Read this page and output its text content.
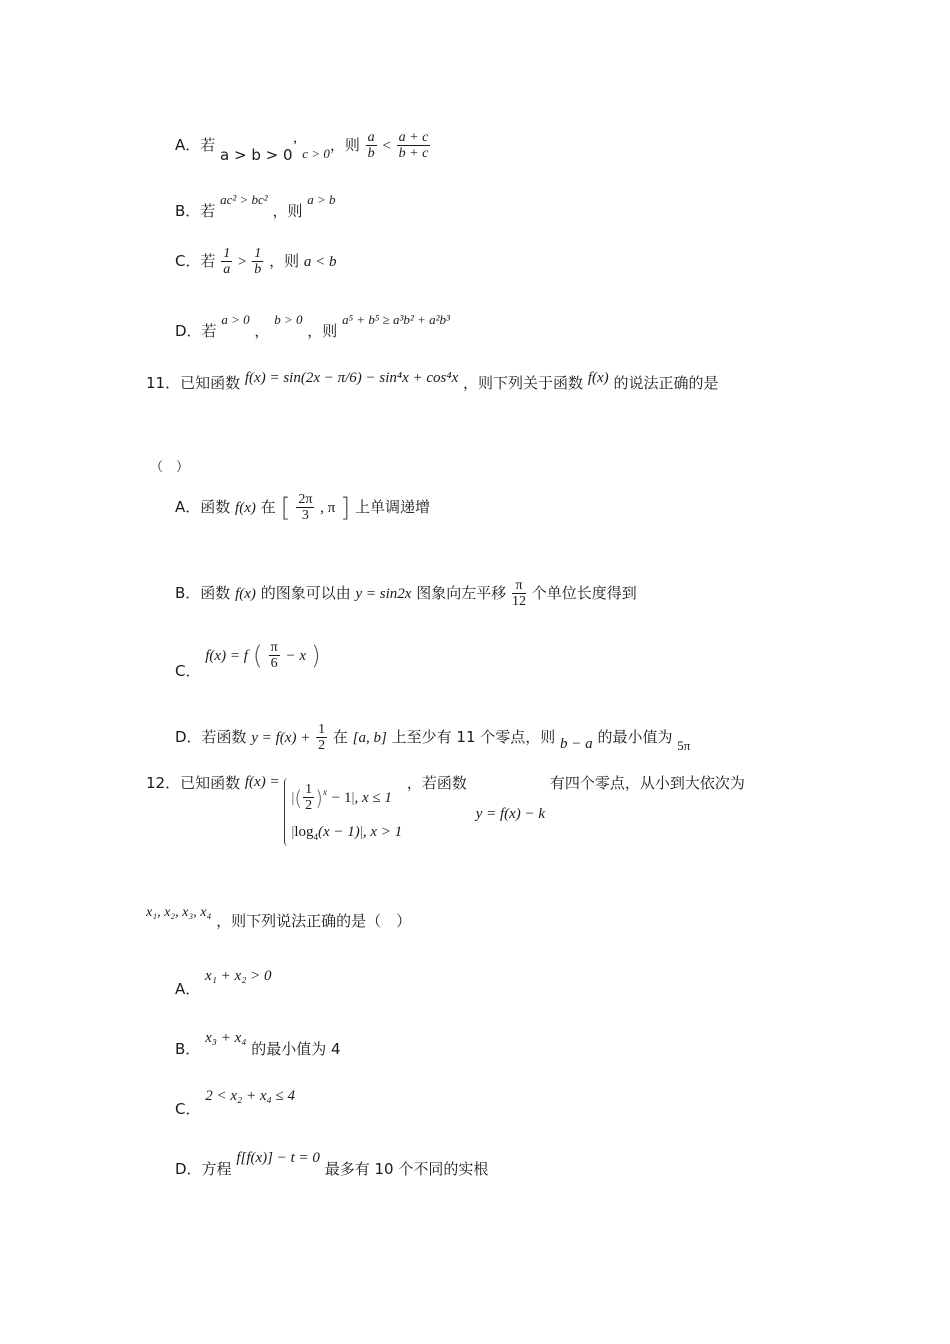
A．若 a > b > 0’ c > 0，则 $\frac{a}{b} < \frac{a + c}{b + c}$
B．若 ac² > bc² ，则 a > b
C．若 $\frac{1}{a} > \frac{1}{b}$ ，则 a < b
D．若 a > 0 ， b > 0 ，则 a⁵ + b⁵ ≥ a³b² + a²b³
11．已知函数 f(x) = sin(2x − π/6) − sin⁴x + cos⁴x ，则下列关于函数 f(x) 的说法正确的是
（　）
A．函数 f(x) 在 [ $\frac{2\pi}{3}$ , π ] 上单调递增
B．函数 f(x) 的图象可以由 y = sin2x 图象向左平移 $\frac{\pi}{12}$ 个单位长度得到
C． f(x) = f ( $\frac{\pi}{6} - x$ )
D．若函数 $y = f(x) + \frac{1}{2}$ 在 [a, b] 上至少有 11 个零点，则 b − a 的最小值为 5π
12．已知函数 f(x) =
|( $\frac{1}{2} )^x - 1|$, x ≤ 1
$|\log_4(x - 1)|$, x > 1
，若函数 y = f(x) − k 有四个零点，从小到大依次为
x₁, x₂, x₃, x₄ ，则下列说法正确的是（　）
A． x₁ + x₂ > 0
B． x₃ + x₄ 的最小值为 4
C． 2 < x₂ + x₄ ≤ 4
D．方程 f[f(x)] − t = 0 最多有 10 个不同的实根
